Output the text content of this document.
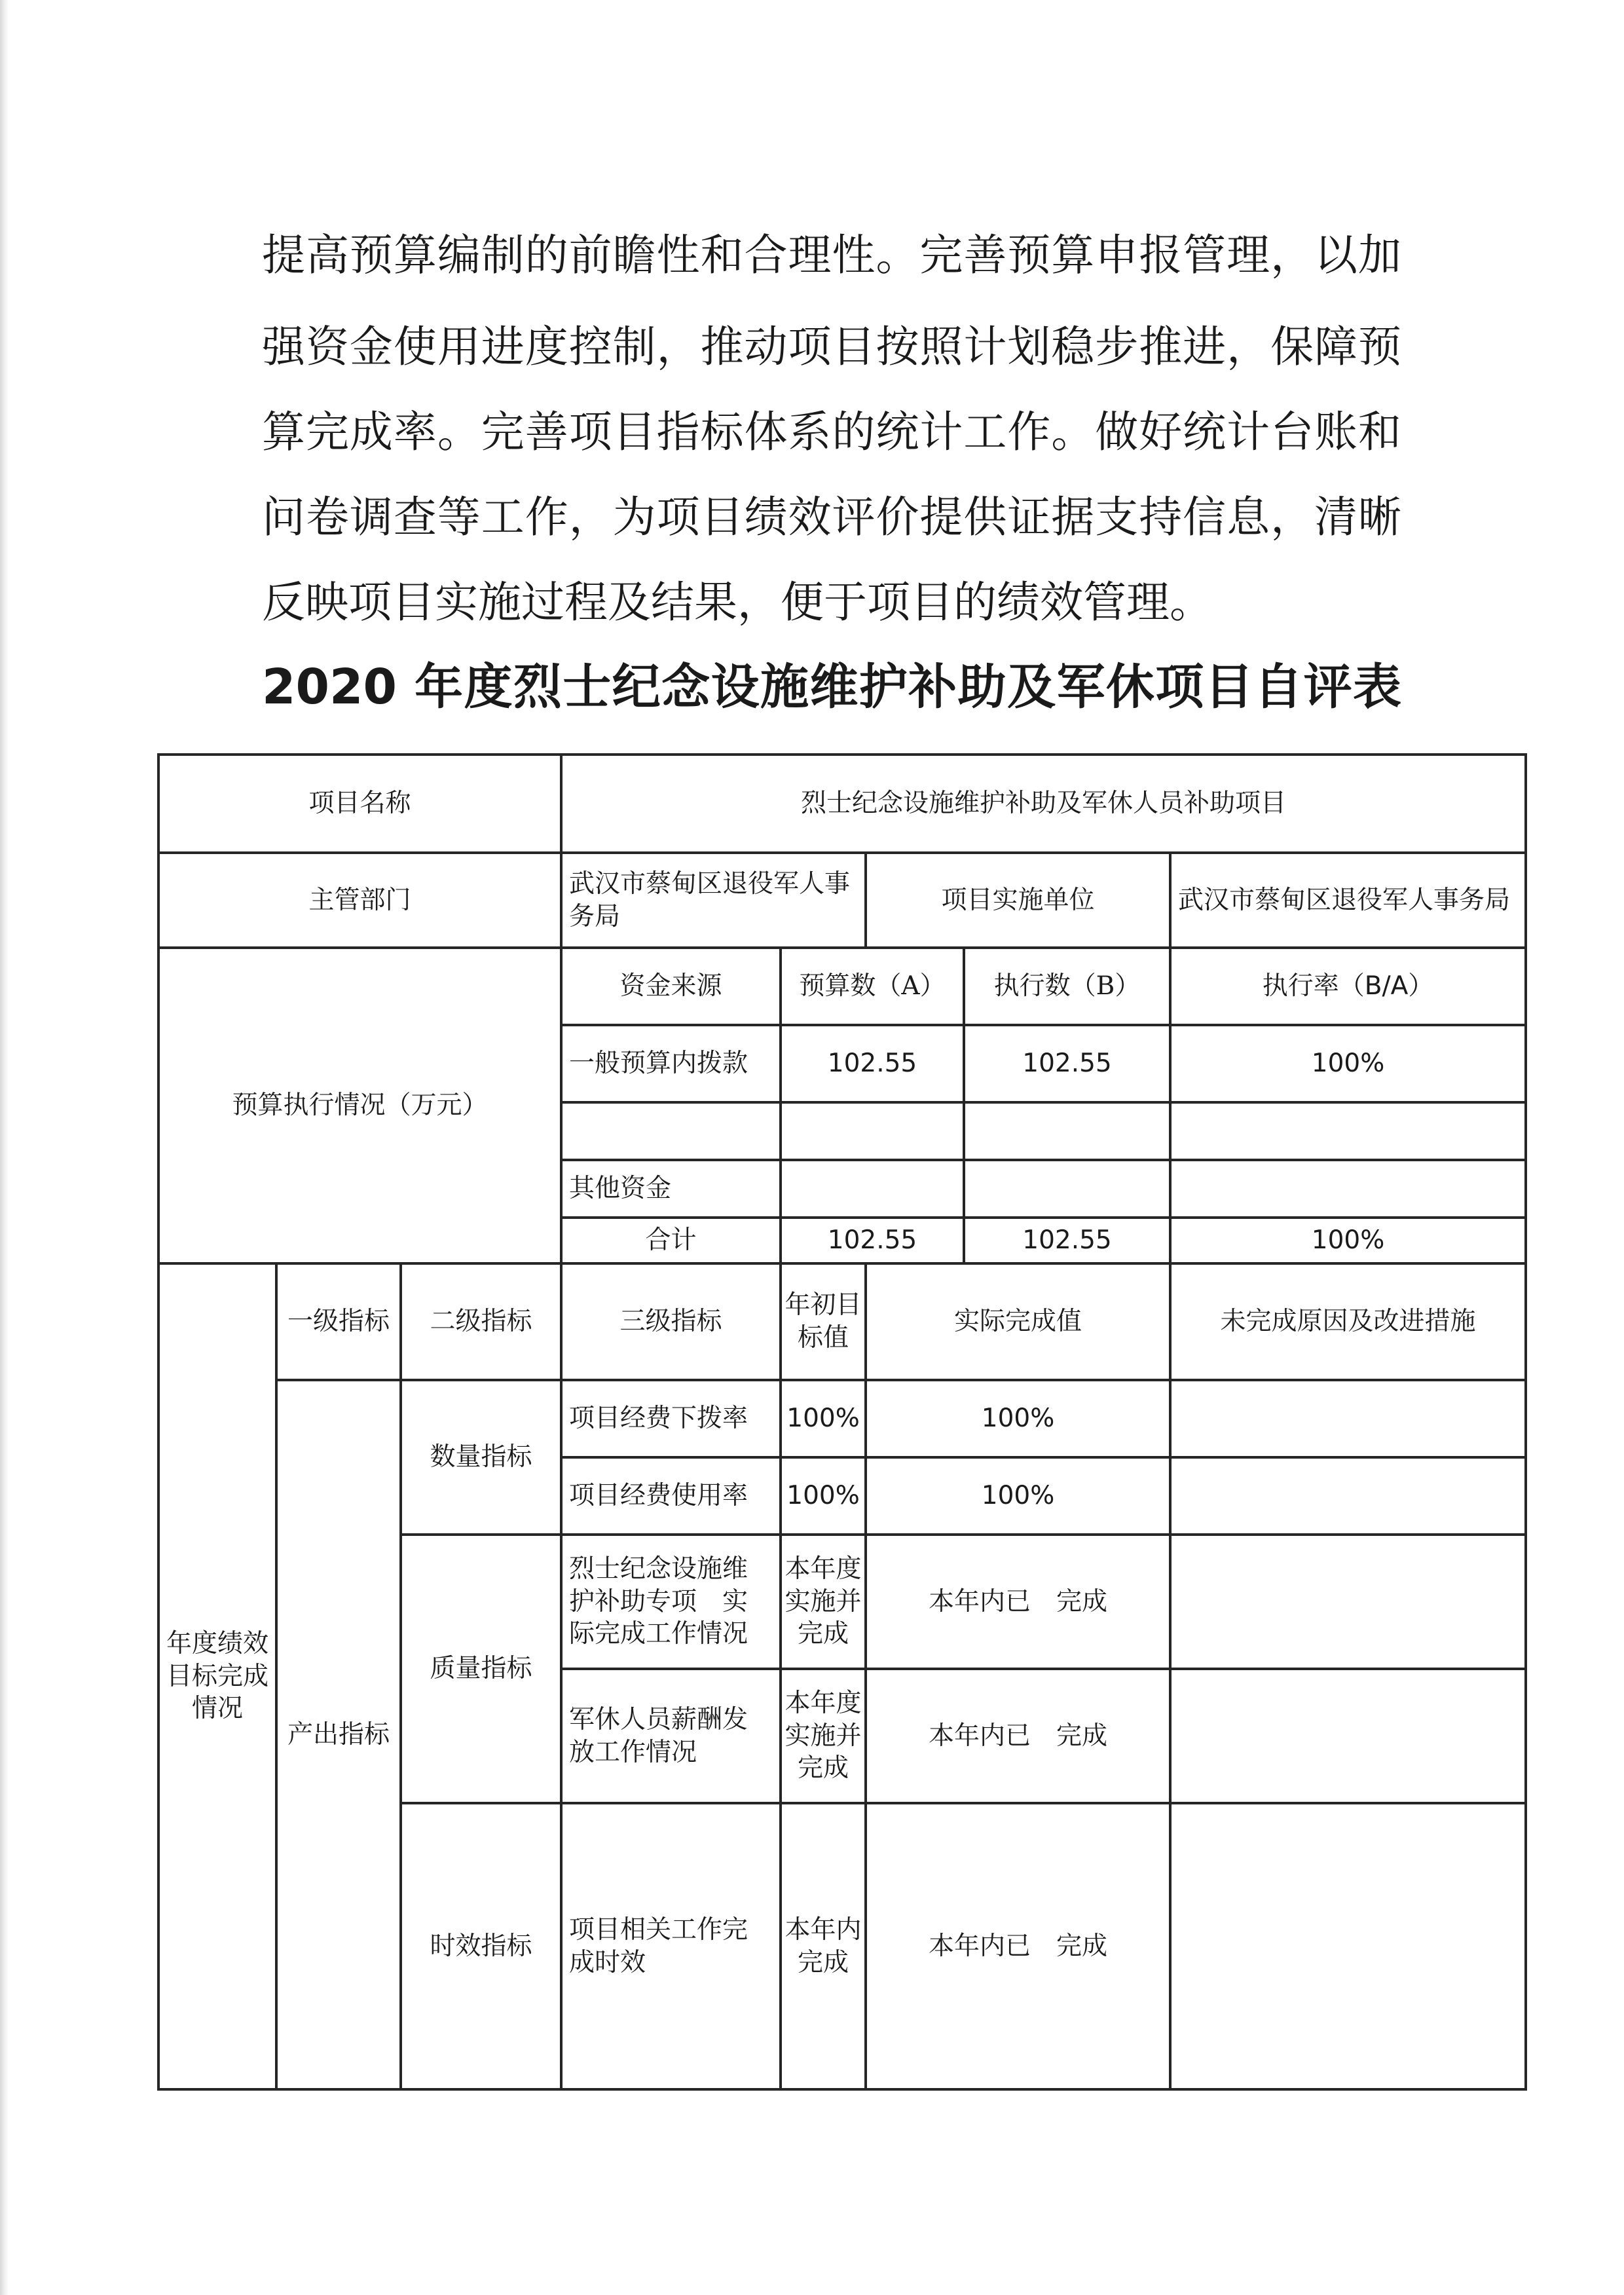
提高预算编制的前瞻性和合理性。完善预算申报管理，以加
强资金使用进度控制，推动项目按照计划稳步推进，保障预
算完成率。完善项目指标体系的统计工作。做好统计台账和
问卷调查等工作，为项目绩效评价提供证据支持信息，清晰
反映项目实施过程及结果，便于项目的绩效管理。
2020 年度烈士纪念设施维护补助及军休项目自评表
项目名称			烈士纪念设施维护补助及军休人员补助项目				
主管部门			武汉市蔡甸区退役军人事务局		项目实施单位		武汉市蔡甸区退役军人事务局
预算执行情况（万元）			资金来源	预算数（A）		执行数（B）	执行率（B/A）
			一般预算内拨款	102.55		102.55	100%

			其他资金				
			合计	102.55		102.55	100%
年度绩效目标完成情况	一级指标	二级指标	三级指标	年初目标值	实际完成值		未完成原因及改进措施
	产出指标	数量指标	项目经费下拨率	100%	100%		
			项目经费使用率	100%	100%		
		质量指标	烈士纪念设施维护补助专项　实际完成工作情况	本年度实施并完成	本年内已　完成		
			军休人员薪酬发放工作情况	本年度实施并完成	本年内已　完成		
		时效指标	项目相关工作完成时效	本年内完成	本年内已　完成		
